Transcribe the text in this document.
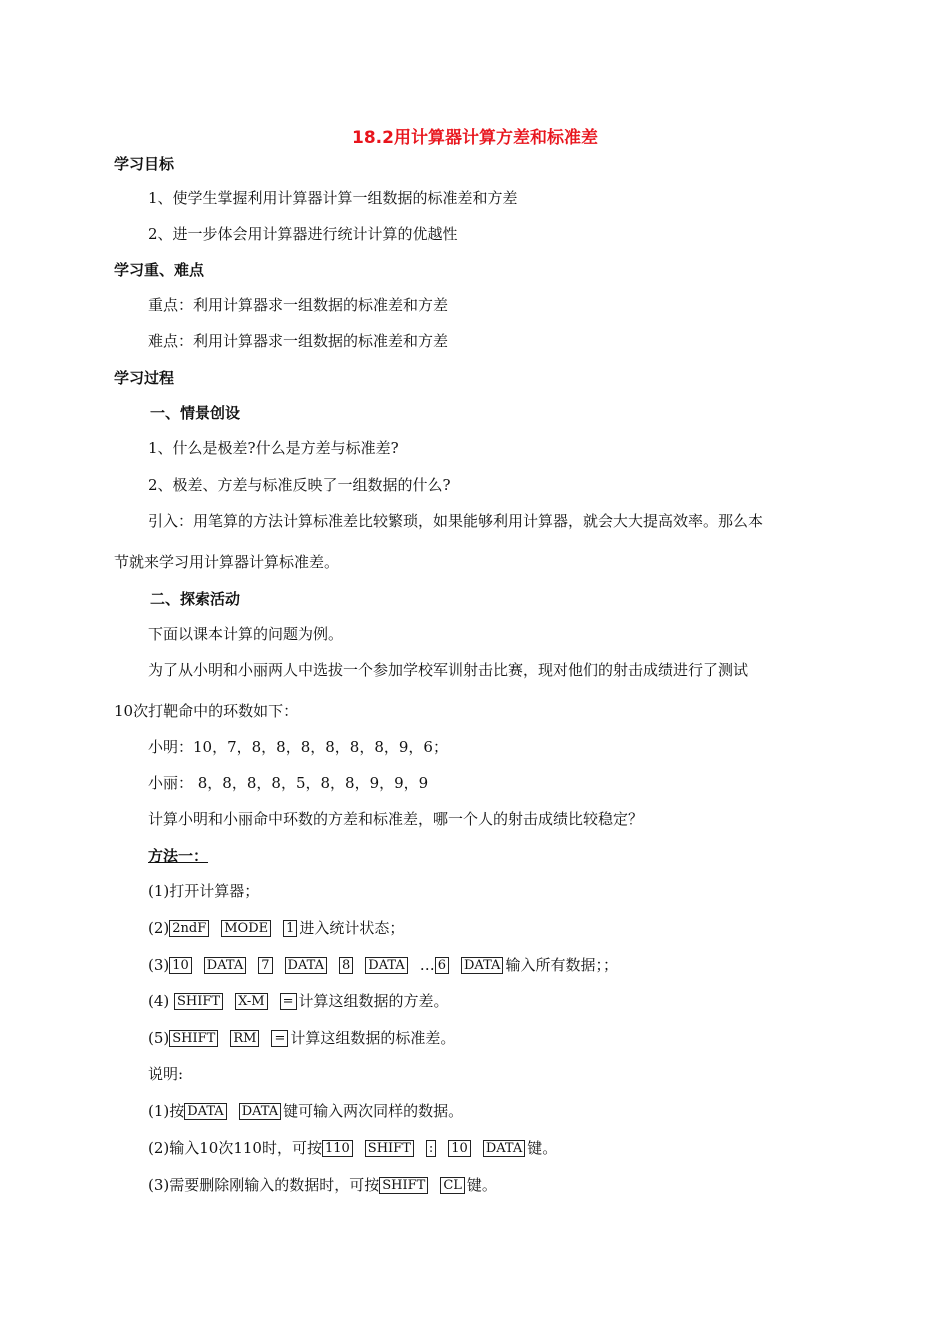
18.2用计算器计算方差和标准差
学习目标
1、使学生掌握利用计算器计算一组数据的标准差和方差
2、进一步体会用计算器进行统计计算的优越性
学习重、难点
重点：利用计算器求一组数据的标准差和方差
难点：利用计算器求一组数据的标准差和方差
学习过程
一、情景创设
1、什么是极差?什么是方差与标准差?
2、极差、方差与标准反映了一组数据的什么?
引入：用笔算的方法计算标准差比较繁琐，如果能够利用计算器，就会大大提高效率。那么本
节就来学习用计算器计算标准差。
二、探索活动
下面以课本计算的问题为例。
为了从小明和小丽两人中选拔一个参加学校军训射击比赛，现对他们的射击成绩进行了测试
10次打靶命中的环数如下：
小明：10，7，8，8，8，8，8，8，9，6；
小丽： 8，8，8，8，5，8，8，9，9，9
计算小明和小丽命中环数的方差和标准差，哪一个人的射击成绩比较稳定？
方法一：
(1)打开计算器；
(2) 2ndF MODE 1 进入统计状态；
(3) 10 DATA 7 DATA 8 DATA … 6 DATA 输入所有数据；；
(4) SHIFT X-M = 计算这组数据的方差。
(5) SHIFT RM = 计算这组数据的标准差。
说明:
(1)按 DATA DATA 键可输入两次同样的数据。
(2)输入10次110时，可按 110 SHIFT : 10 DATA 键。
(3)需要删除刚输入的数据时，可按 SHIFT CL 键。
